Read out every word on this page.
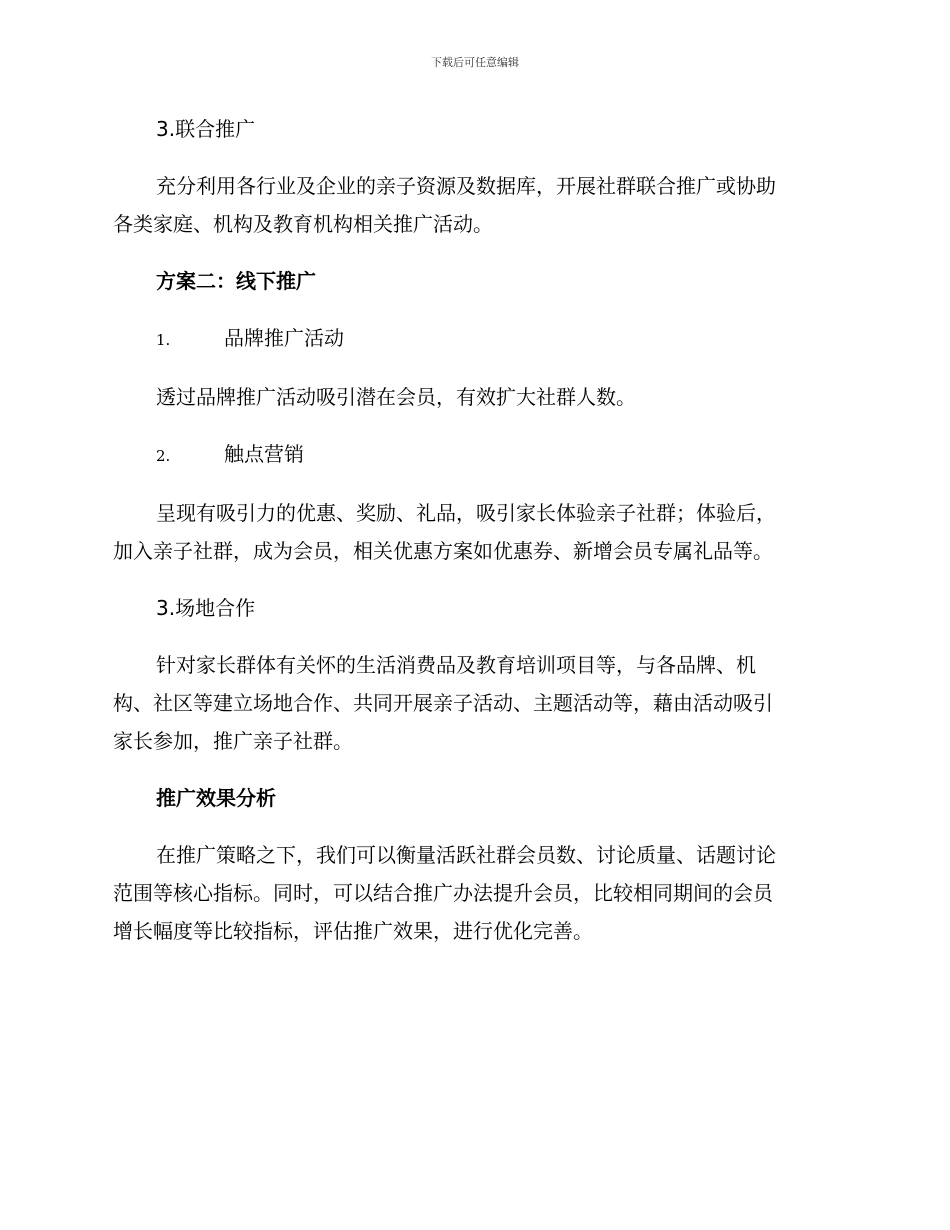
下载后可任意编辑
3.联合推广
充分利用各行业及企业的亲子资源及数据库，开展社群联合推广或协助
各类家庭、机构及教育机构相关推广活动。
方案二：线下推广
1.	品牌推广活动
透过品牌推广活动吸引潜在会员，有效扩大社群人数。
2.	触点营销
呈现有吸引力的优惠、奖励、礼品，吸引家长体验亲子社群；体验后，
加入亲子社群，成为会员，相关优惠方案如优惠券、新增会员专属礼品等。
3.场地合作
针对家长群体有关怀的生活消费品及教育培训项目等，与各品牌、机
构、社区等建立场地合作、共同开展亲子活动、主题活动等，藉由活动吸引
家长参加，推广亲子社群。
推广效果分析
在推广策略之下，我们可以衡量活跃社群会员数、讨论质量、话题讨论
范围等核心指标。同时，可以结合推广办法提升会员，比较相同期间的会员
增长幅度等比较指标，评估推广效果，进行优化完善。
